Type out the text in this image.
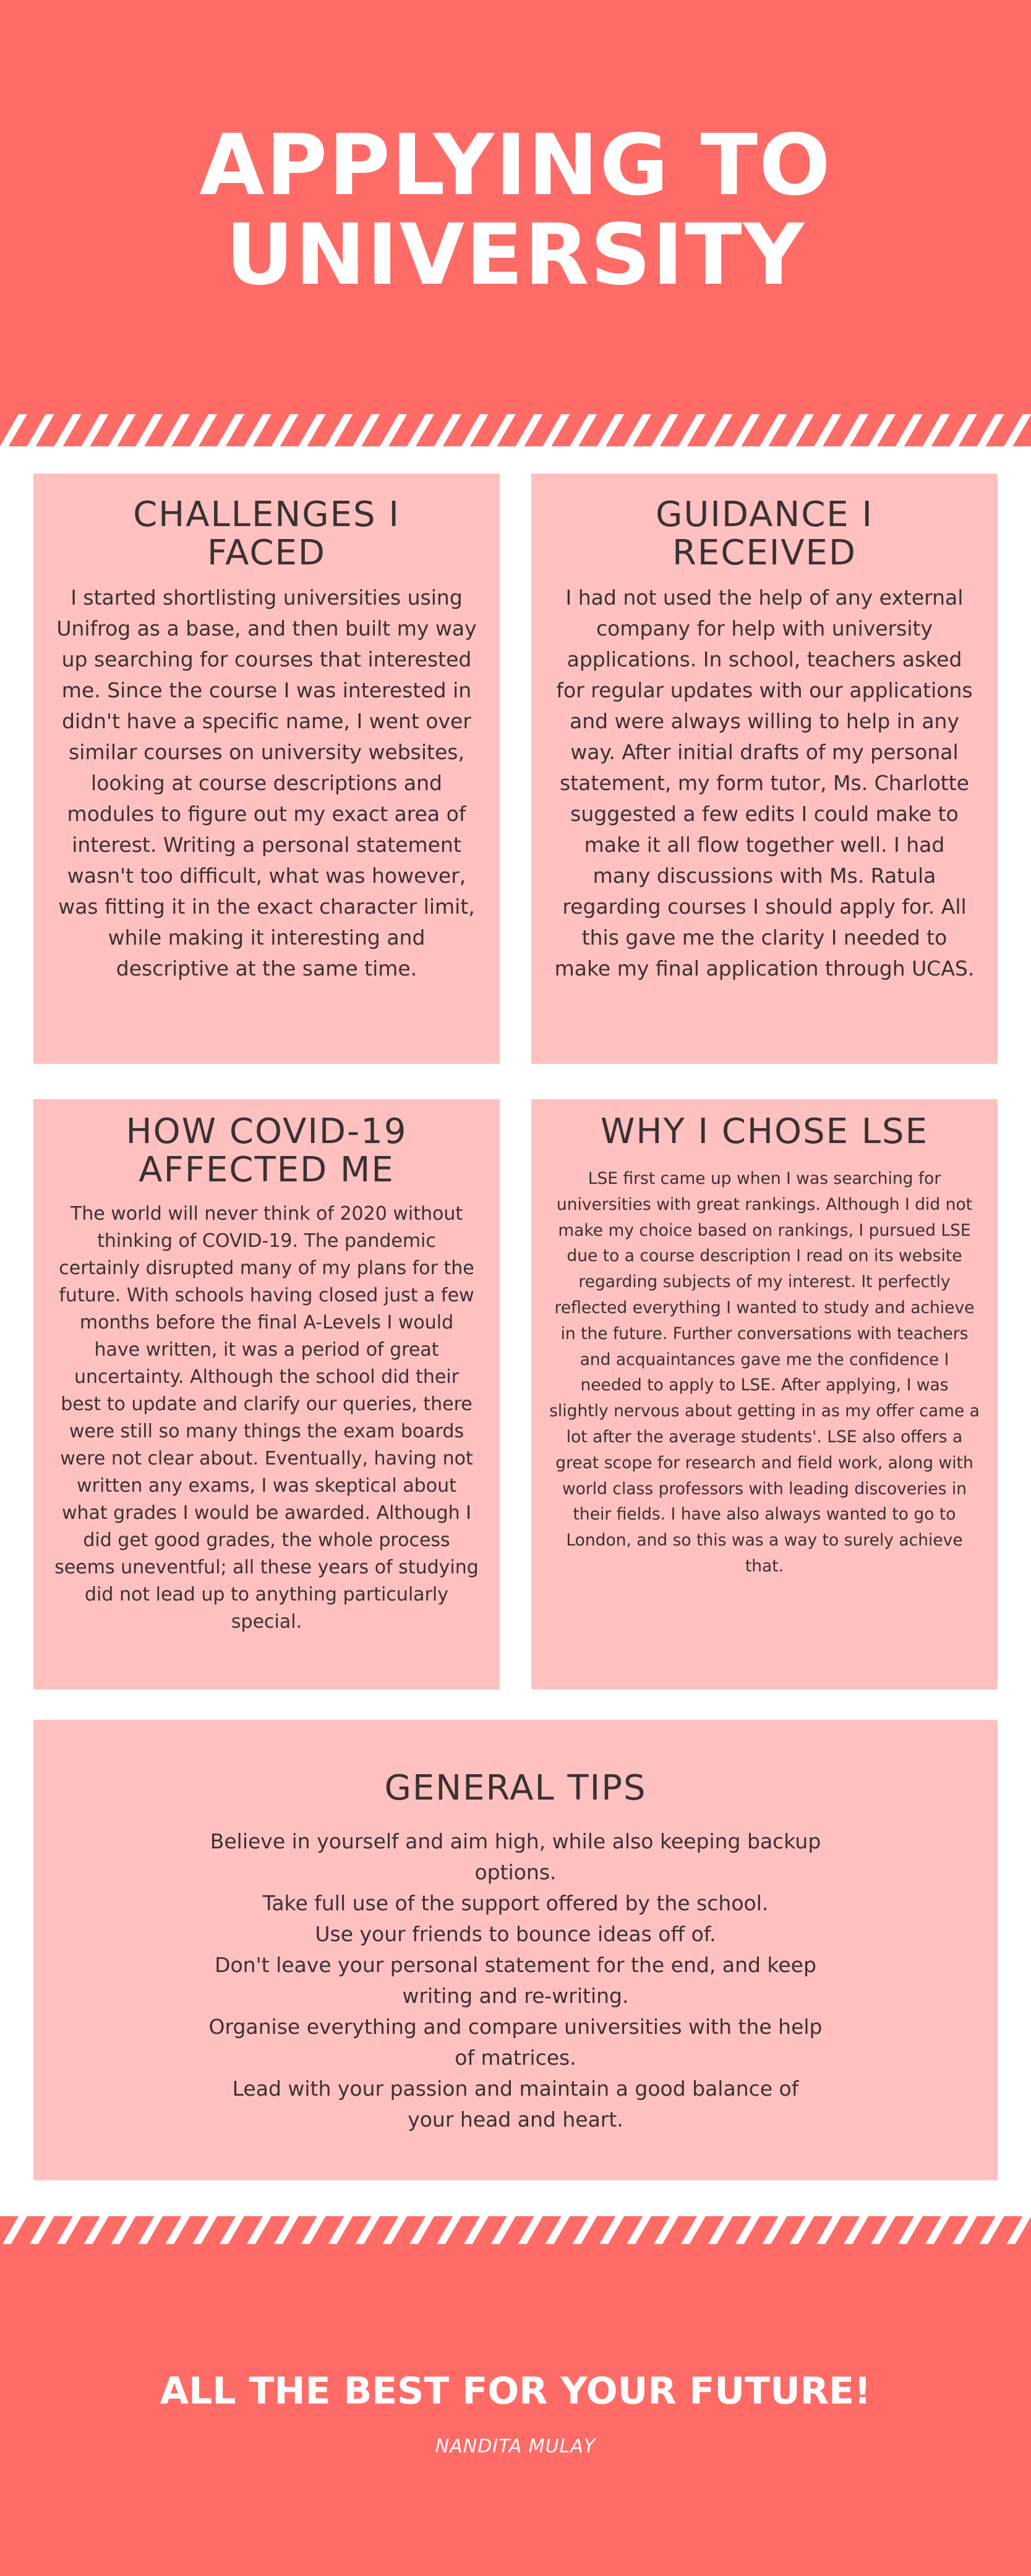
APPLYING TO
UNIVERSITY
CHALLENGES I
FACED

I started shortlisting universities using Unifrog as a base, and then built my way up searching for courses that interested me. Since the course I was interested in didn't have a specific name, I went over similar courses on university websites, looking at course descriptions and modules to figure out my exact area of interest. Writing a personal statement wasn't too difficult, what was however, was fitting it in the exact character limit, while making it interesting and descriptive at the same time.

GUIDANCE I
RECEIVED

I had not used the help of any external company for help with university applications. In school, teachers asked for regular updates with our applications and were always willing to help in any way. After initial drafts of my personal statement, my form tutor, Ms. Charlotte suggested a few edits I could make to make it all flow together well. I had many discussions with Ms. Ratula regarding courses I should apply for. All this gave me the clarity I needed to make my final application through UCAS.

HOW COVID-19
AFFECTED ME

The world will never think of 2020 without thinking of COVID-19. The pandemic certainly disrupted many of my plans for the future. With schools having closed just a few months before the final A-Levels I would have written, it was a period of great uncertainty. Although the school did their best to update and clarify our queries, there were still so many things the exam boards were not clear about. Eventually, having not written any exams, I was skeptical about what grades I would be awarded. Although I did get good grades, the whole process seems uneventful; all these years of studying did not lead up to anything particularly special.

WHY I CHOSE LSE

LSE first came up when I was searching for universities with great rankings. Although I did not make my choice based on rankings, I pursued LSE due to a course description I read on its website regarding subjects of my interest. It perfectly reflected everything I wanted to study and achieve in the future. Further conversations with teachers and acquaintances gave me the confidence I needed to apply to LSE. After applying, I was slightly nervous about getting in as my offer came a lot after the average students'. LSE also offers a great scope for research and field work, along with world class professors with leading discoveries in their fields. I have also always wanted to go to London, and so this was a way to surely achieve that.

GENERAL TIPS

Believe in yourself and aim high, while also keeping backup options.

Take full use of the support offered by the school.

Use your friends to bounce ideas off of.

Don't leave your personal statement for the end, and keep writing and re-writing.

Organise everything and compare universities with the help of matrices.

Lead with your passion and maintain a good balance of your head and heart.

ALL THE BEST FOR YOUR FUTURE!
NANDITA MULAY
